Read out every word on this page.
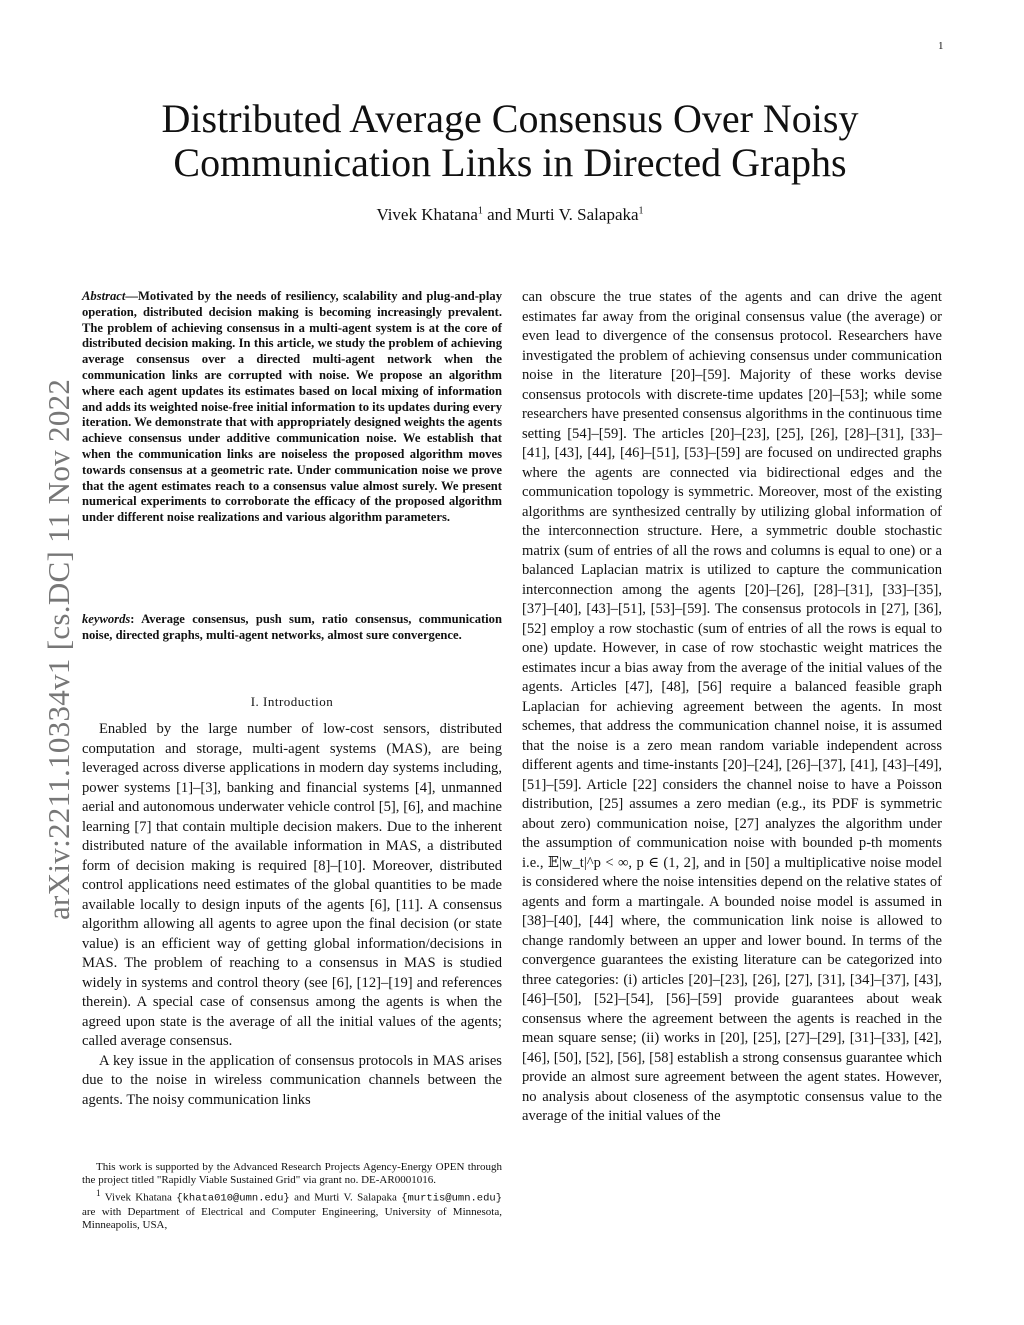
1
arXiv:2211.10334v1 [cs.DC] 11 Nov 2022
Distributed Average Consensus Over Noisy
Communication Links in Directed Graphs
Vivek Khatana$^1$ and Murti V. Salapaka$^1$
Abstract—Motivated by the needs of resiliency, scalability and plug-and-play operation, distributed decision making is becoming increasingly prevalent. The problem of achieving consensus in a multi-agent system is at the core of distributed decision making. In this article, we study the problem of achieving average consensus over a directed multi-agent network when the communication links are corrupted with noise. We propose an algorithm where each agent updates its estimates based on local mixing of information and adds its weighted noise-free initial information to its updates during every iteration. We demonstrate that with appropriately designed weights the agents achieve consensus under additive communication noise. We establish that when the communication links are noiseless the proposed algorithm moves towards consensus at a geometric rate. Under communication noise we prove that the agent estimates reach to a consensus value almost surely. We present numerical experiments to corroborate the efficacy of the proposed algorithm under different noise realizations and various algorithm parameters.
keywords: Average consensus, push sum, ratio consensus, communication noise, directed graphs, multi-agent networks, almost sure convergence.
I. Introduction

Enabled by the large number of low-cost sensors, distributed computation and storage, multi-agent systems (MAS), are being leveraged across diverse applications in modern day systems including, power systems [1]–[3], banking and financial systems [4], unmanned aerial and autonomous underwater vehicle control [5], [6], and machine learning [7] that contain multiple decision makers. Due to the inherent distributed nature of the available information in MAS, a distributed form of decision making is required [8]–[10]. Moreover, distributed control applications need estimates of the global quantities to be made available locally to design inputs of the agents [6], [11]. A consensus algorithm allowing all agents to agree upon the final decision (or state value) is an efficient way of getting global information/decisions in MAS. The problem of reaching to a consensus in MAS is studied widely in systems and control theory (see [6], [12]–[19] and references therein). A special case of consensus among the agents is when the agreed upon state is the average of all the initial values of the agents; called average consensus.

A key issue in the application of consensus protocols in MAS arises due to the noise in wireless communication channels between the agents. The noisy communication links

This work is supported by the Advanced Research Projects Agency-Energy OPEN through the project titled "Rapidly Viable Sustained Grid" via grant no. DE-AR0001016.

$^1$ Vivek Khatana {khata010@umn.edu} and Murti V. Salapaka {murtis@umn.edu} are with Department of Electrical and Computer Engineering, University of Minnesota, Minneapolis, USA,

can obscure the true states of the agents and can drive the agent estimates far away from the original consensus value (the average) or even lead to divergence of the consensus protocol. Researchers have investigated the problem of achieving consensus under communication noise in the literature [20]–[59]. Majority of these works devise consensus protocols with discrete-time updates [20]–[53]; while some researchers have presented consensus algorithms in the continuous time setting [54]–[59]. The articles [20]–[23], [25], [26], [28]–[31], [33]–[41], [43], [44], [46]–[51], [53]–[59] are focused on undirected graphs where the agents are connected via bidirectional edges and the communication topology is symmetric. Moreover, most of the existing algorithms are synthesized centrally by utilizing global information of the interconnection structure. Here, a symmetric double stochastic matrix (sum of entries of all the rows and columns is equal to one) or a balanced Laplacian matrix is utilized to capture the communication interconnection among the agents [20]–[26], [28]–[31], [33]–[35], [37]–[40], [43]–[51], [53]–[59]. The consensus protocols in [27], [36], [52] employ a row stochastic (sum of entries of all the rows is equal to one) update. However, in case of row stochastic weight matrices the estimates incur a bias away from the average of the initial values of the agents. Articles [47], [48], [56] require a balanced feasible graph Laplacian for achieving agreement between the agents. In most schemes, that address the communication channel noise, it is assumed that the noise is a zero mean random variable independent across different agents and time-instants [20]–[24], [26]–[37], [41], [43]–[49], [51]–[59]. Article [22] considers the channel noise to have a Poisson distribution, [25] assumes a zero median (e.g., its PDF is symmetric about zero) communication noise, [27] analyzes the algorithm under the assumption of communication noise with bounded p-th moments i.e., 𝔼|w_t|^p < ∞, p ∈ (1, 2], and in [50] a multiplicative noise model is considered where the noise intensities depend on the relative states of agents and form a martingale. A bounded noise model is assumed in [38]–[40], [44] where, the communication link noise is allowed to change randomly between an upper and lower bound. In terms of the convergence guarantees the existing literature can be categorized into three categories: (i) articles [20]–[23], [26], [27], [31], [34]–[37], [43], [46]–[50], [52]–[54], [56]–[59] provide guarantees about weak consensus where the agreement between the agents is reached in the mean square sense; (ii) works in [20], [25], [27]–[29], [31]–[33], [42], [46], [50], [52], [56], [58] establish a strong consensus guarantee which provide an almost sure agreement between the agent states. However, no analysis about closeness of the asymptotic consensus value to the average of the initial values of the
